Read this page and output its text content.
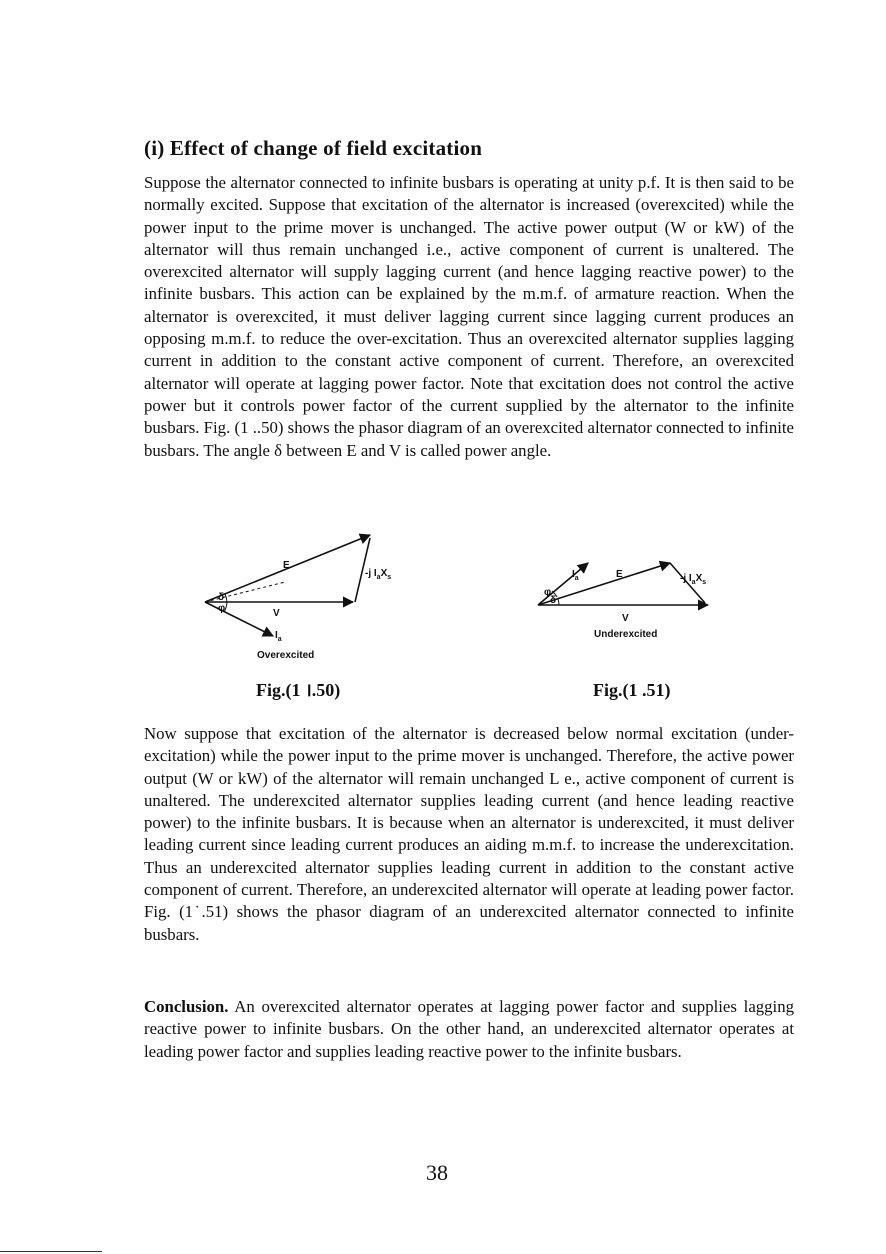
(i) Effect of change of field excitation

Suppose the alternator connected to infinite busbars is operating at unity p.f. It is then said to be normally excited. Suppose that excitation of the alternator is increased (overexcited) while the power input to the prime mover is unchanged. The active power output (W or kW) of the alternator will thus remain unchanged i.e., active component of current is unaltered. The overexcited alternator will supply lagging current (and hence lagging reactive power) to the infinite busbars. This action can be explained by the m.m.f. of armature reaction. When the alternator is overexcited, it must deliver lagging current since lagging current produces an opposing m.m.f. to reduce the over-excitation. Thus an overexcited alternator supplies lagging current in addition to the constant active component of current. Therefore, an overexcited alternator will operate at lagging power factor. Note that excitation does not control the active power but it controls power factor of the current supplied by the alternator to the infinite busbars. Fig. (1 ..50) shows the phasor diagram of an overexcited alternator connected to infinite busbars. The angle δ between E and V is called power angle.

E
V
-j $I_aX_s$
δ
φ
$I_a$
Overexcited
Fig.(1 ।.50)
$I_a$	E	-j $I_aX_s$
δ
φ
V
Underexcited
Fig.(1 .51)

Now suppose that excitation of the alternator is decreased below normal excitation (under-excitation) while the power input to the prime mover is unchanged. Therefore, the active power output (W or kW) of the alternator will remain unchanged L e., active component of current is unaltered. The underexcited alternator supplies leading current (and hence leading reactive power) to the infinite busbars. It is because when an alternator is underexcited, it must deliver leading current since leading current produces an aiding m.m.f. to increase the underexcitation. Thus an underexcited alternator supplies leading current in addition to the constant active component of current. Therefore, an underexcited alternator will operate at leading power factor. Fig. (1 ̇.51) shows the phasor diagram of an underexcited alternator connected to infinite busbars.

Conclusion. An overexcited alternator operates at lagging power factor and supplies lagging reactive power to infinite busbars. On the other hand, an underexcited alternator operates at leading power factor and supplies leading reactive power to the infinite busbars.

38
